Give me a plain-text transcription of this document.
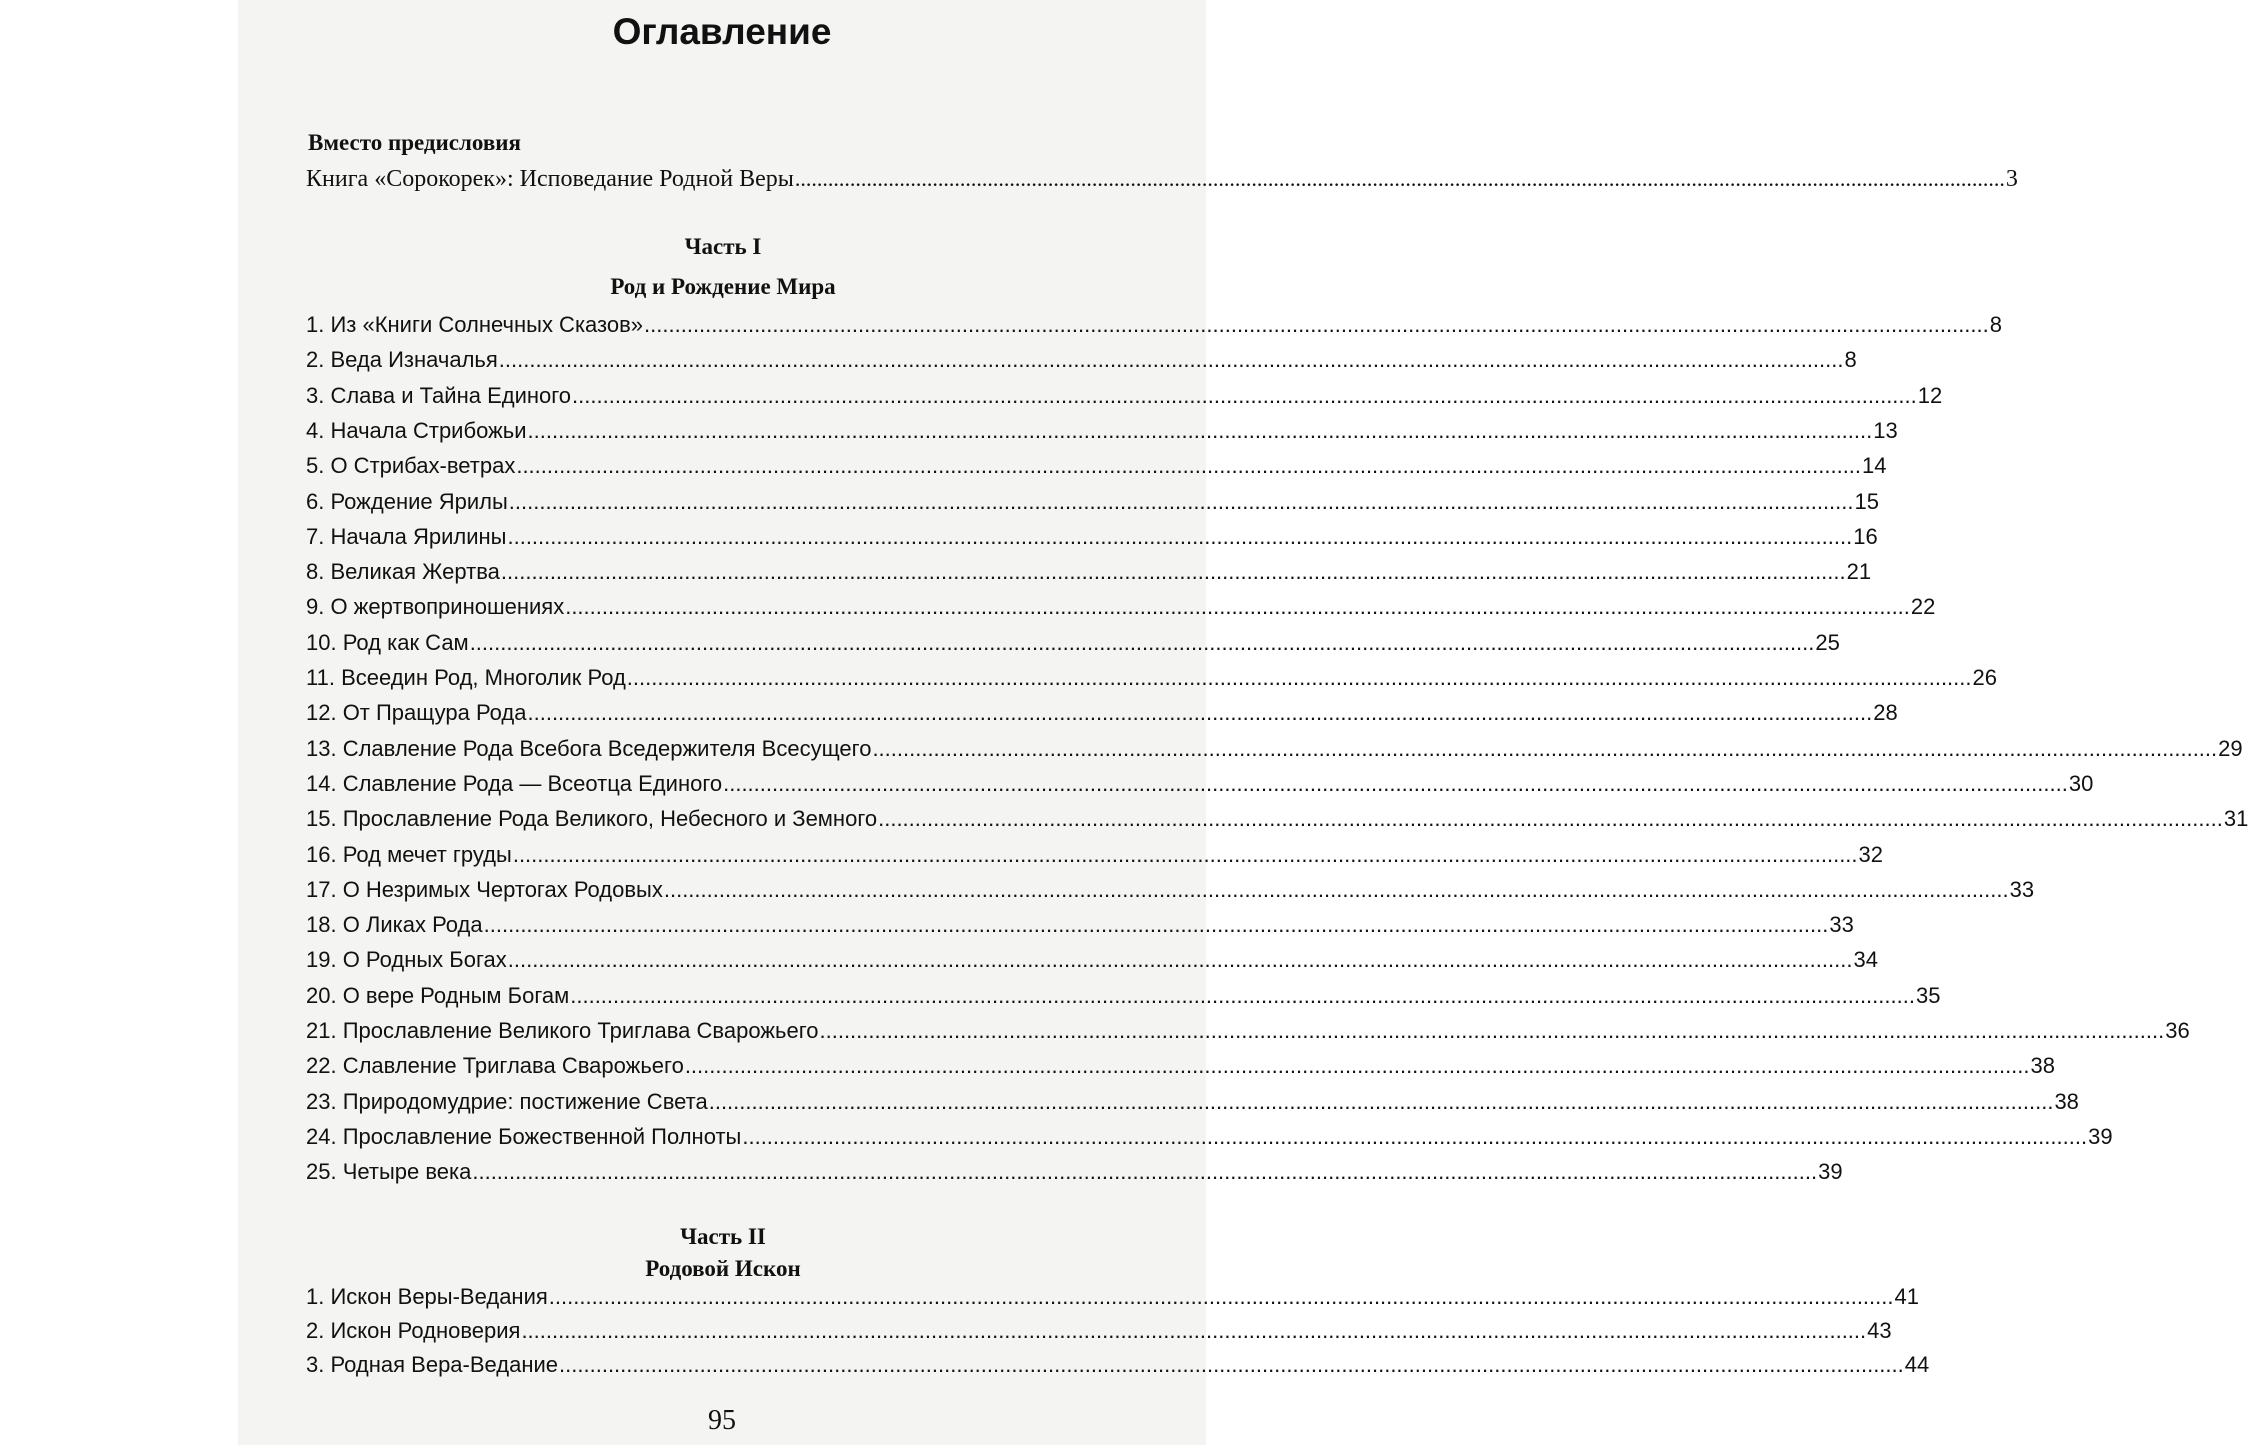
Оглавление
Вместо предисловия
Книга «Сорокорек»: Исповедание Родной Веры ............................................................................................................................................................................................................................ 3
Часть I
Род и Рождение Мира
1. Из «Книги Солнечных Сказов» ............................................................................................................................................................................................................................ 8
2. Веда Изначалья ............................................................................................................................................................................................................................ 8
3. Слава и Тайна Единого ............................................................................................................................................................................................................................ 12
4. Начала Стрибожьи ............................................................................................................................................................................................................................ 13
5. О Стрибах-ветрах ............................................................................................................................................................................................................................ 14
6. Рождение Ярилы ............................................................................................................................................................................................................................ 15
7. Начала Ярилины ............................................................................................................................................................................................................................ 16
8. Великая Жертва ............................................................................................................................................................................................................................ 21
9. О жертвоприношениях ............................................................................................................................................................................................................................ 22
10. Род как Сам ............................................................................................................................................................................................................................ 25
11. Всеедин Род, Многолик Род ............................................................................................................................................................................................................................ 26
12. От Пращура Рода ............................................................................................................................................................................................................................ 28
13. Славление Рода Всебога Вседержителя Всесущего ............................................................................................................................................................................................................................ 29
14. Славление Рода — Всеотца Единого ............................................................................................................................................................................................................................ 30
15. Прославление Рода Великого, Небесного и Земного ............................................................................................................................................................................................................................ 31
16. Род мечет груды ............................................................................................................................................................................................................................ 32
17. О Незримых Чертогах Родовых ............................................................................................................................................................................................................................ 33
18. О Ликах Рода ............................................................................................................................................................................................................................ 33
19. О Родных Богах ............................................................................................................................................................................................................................ 34
20. О вере Родным Богам ............................................................................................................................................................................................................................ 35
21. Прославление Великого Триглава Сварожьего ............................................................................................................................................................................................................................ 36
22. Славление Триглава Сварожьего ............................................................................................................................................................................................................................ 38
23. Природомудрие: постижение Света ............................................................................................................................................................................................................................ 38
24. Прославление Божественной Полноты ............................................................................................................................................................................................................................ 39
25. Четыре века ............................................................................................................................................................................................................................ 39
Часть II
Родовой Искон
1. Искон Веры-Ведания ............................................................................................................................................................................................................................ 41
2. Искон Родноверия ............................................................................................................................................................................................................................ 43
3. Родная Вера-Ведание ............................................................................................................................................................................................................................ 44
95
